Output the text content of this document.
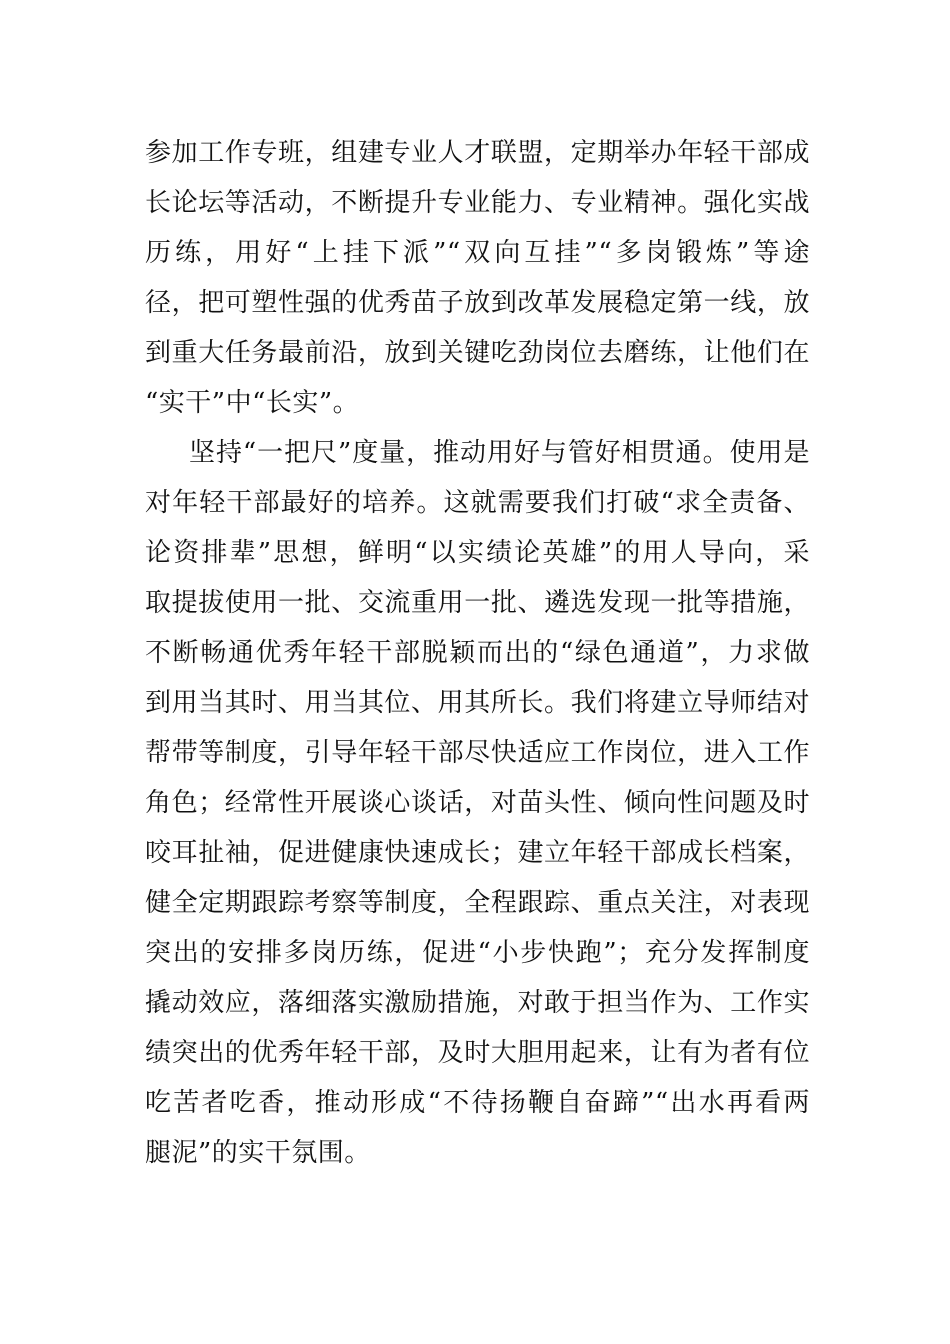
参加工作专班，组建专业人才联盟，定期举办年轻干部成
长论坛等活动，不断提升专业能力、专业精神。强化实战
历练，用好“上挂下派”“双向互挂”“多岗锻炼”等途
径，把可塑性强的优秀苗子放到改革发展稳定第一线，放
到重大任务最前沿，放到关键吃劲岗位去磨练，让他们在
“实干”中“长实”。
坚持“一把尺”度量，推动用好与管好相贯通。使用是
对年轻干部最好的培养。这就需要我们打破“求全责备、
论资排辈”思想，鲜明“以实绩论英雄”的用人导向，采
取提拔使用一批、交流重用一批、遴选发现一批等措施，
不断畅通优秀年轻干部脱颖而出的“绿色通道”，力求做
到用当其时、用当其位、用其所长。我们将建立导师结对
帮带等制度，引导年轻干部尽快适应工作岗位，进入工作
角色；经常性开展谈心谈话，对苗头性、倾向性问题及时
咬耳扯袖，促进健康快速成长；建立年轻干部成长档案，
健全定期跟踪考察等制度，全程跟踪、重点关注，对表现
突出的安排多岗历练，促进“小步快跑”；充分发挥制度
撬动效应，落细落实激励措施，对敢于担当作为、工作实
绩突出的优秀年轻干部，及时大胆用起来，让有为者有位
吃苦者吃香，推动形成“不待扬鞭自奋蹄”“出水再看两
腿泥”的实干氛围。
